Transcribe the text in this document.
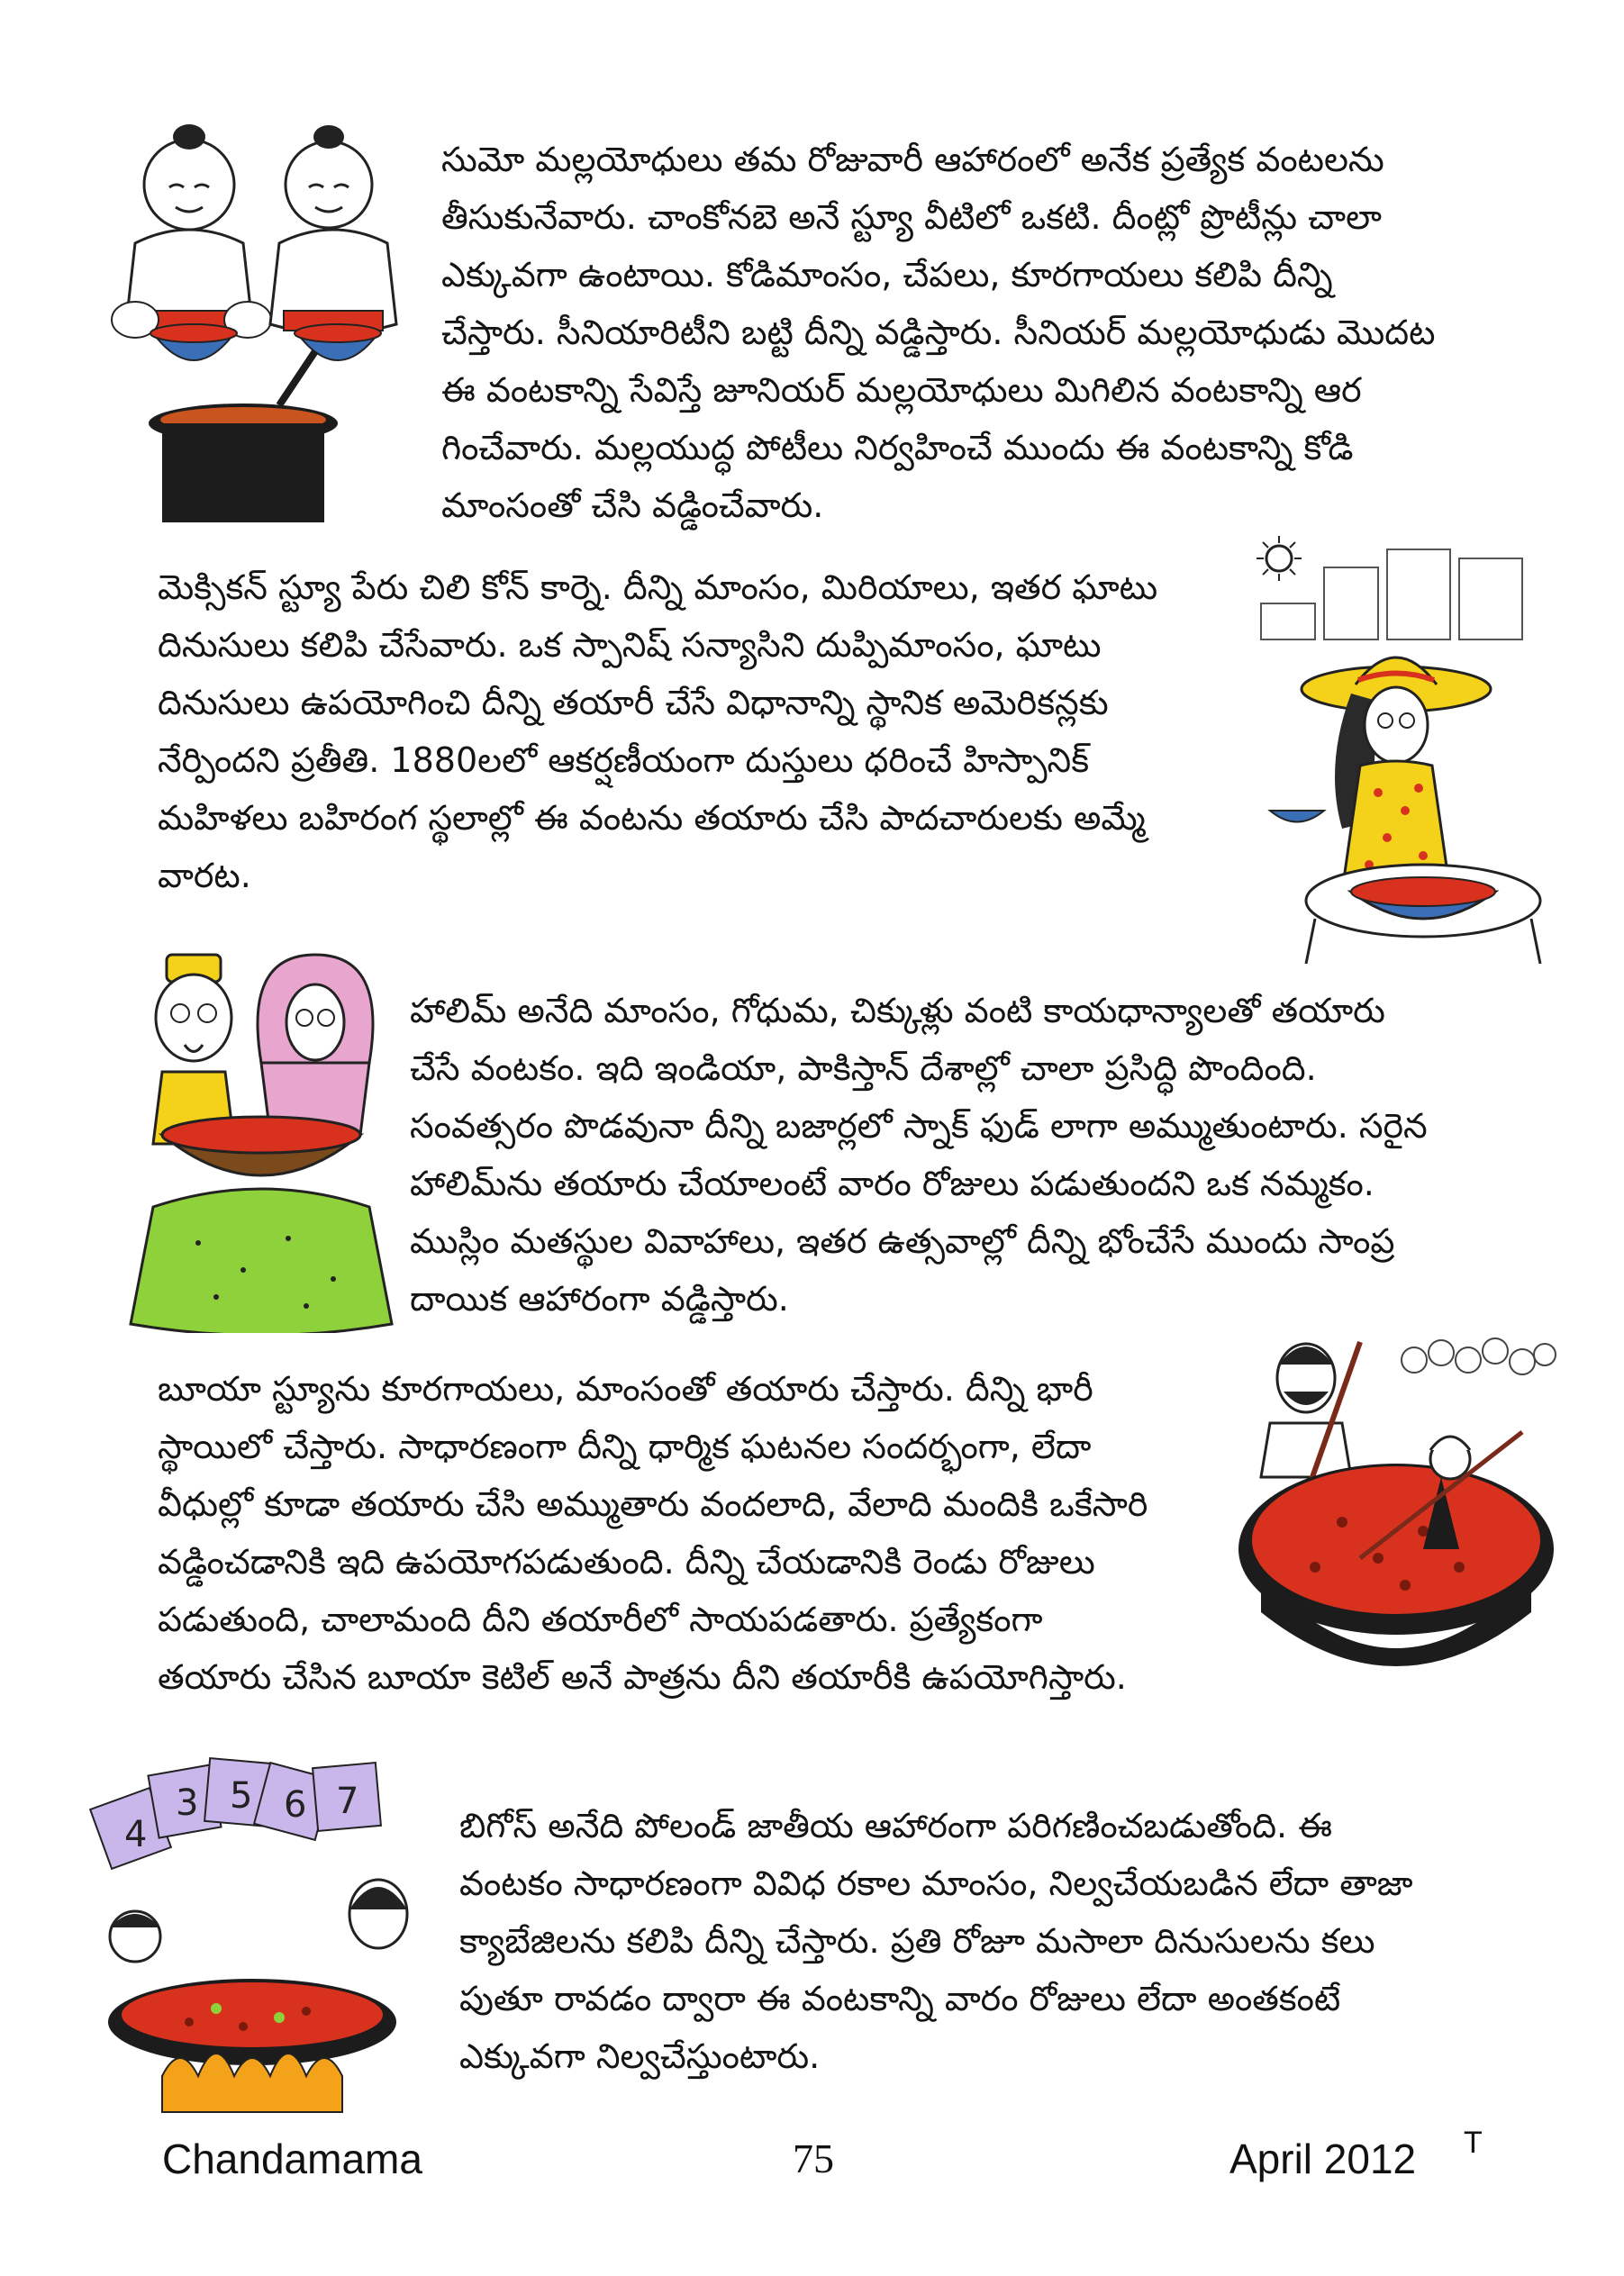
సుమో మల్లయోధులు తమ రోజువారీ ఆహారంలో అనేక ప్రత్యేక వంటలను
తీసుకునేవారు. చాంకోనబె అనే స్ట్యూ వీటిలో ఒకటి. దీంట్లో ప్రొటీన్లు చాలా
ఎక్కువగా ఉంటాయి. కోడిమాంసం, చేపలు, కూరగాయలు కలిపి దీన్ని
చేస్తారు. సీనియారిటీని బట్టి దీన్ని వడ్డిస్తారు. సీనియర్ మల్లయోధుడు మొదట
ఈ వంటకాన్ని సేవిస్తే జూనియర్ మల్లయోధులు మిగిలిన వంటకాన్ని ఆర
గించేవారు. మల్లయుద్ధ పోటీలు నిర్వహించే ముందు ఈ వంటకాన్ని కోడి
మాంసంతో చేసి వడ్డించేవారు.
మెక్సికన్ స్ట్యూ పేరు చిలి కోన్ కార్నె. దీన్ని మాంసం, మిరియాలు, ఇతర ఘాటు
దినుసులు కలిపి చేసేవారు. ఒక స్పానిష్ సన్యాసిని దుప్పిమాంసం, ఘాటు
దినుసులు ఉపయోగించి దీన్ని తయారీ చేసే విధానాన్ని స్థానిక అమెరికన్లకు
నేర్పిందని ప్రతీతి. 1880లలో ఆకర్షణీయంగా దుస్తులు ధరించే హిస్పానిక్
మహిళలు బహిరంగ స్థలాల్లో ఈ వంటను తయారు చేసి పాదచారులకు అమ్మే
వారట.
హాలిమ్ అనేది మాంసం, గోధుమ, చిక్కుళ్లు వంటి కాయధాన్యాలతో తయారు
చేసే వంటకం. ఇది ఇండియా, పాకిస్తాన్ దేశాల్లో చాలా ప్రసిద్ధి పొందింది.
సంవత్సరం పొడవునా దీన్ని బజార్లలో స్నాక్ ఫుడ్ లాగా అమ్ముతుంటారు. సరైన
హాలిమ్‌ను తయారు చేయాలంటే వారం రోజులు పడుతుందని ఒక నమ్మకం.
ముస్లిం మతస్థుల వివాహాలు, ఇతర ఉత్సవాల్లో దీన్ని భోంచేసే ముందు సాంప్ర
దాయిక ఆహారంగా వడ్డిస్తారు.
బూయా స్ట్యూను కూరగాయలు, మాంసంతో తయారు చేస్తారు. దీన్ని భారీ
స్థాయిలో చేస్తారు. సాధారణంగా దీన్ని ధార్మిక ఘటనల సందర్భంగా, లేదా
వీధుల్లో కూడా తయారు చేసి అమ్ముతారు వందలాది, వేలాది మందికి ఒకేసారి
వడ్డించడానికి ఇది ఉపయోగపడుతుంది. దీన్ని చేయడానికి రెండు రోజులు
పడుతుంది, చాలామంది దీని తయారీలో సాయపడతారు. ప్రత్యేకంగా
తయారు చేసిన బూయా కెటిల్ అనే పాత్రను దీని తయారీకి ఉపయోగిస్తారు.
4
3 5 6 7
బిగోస్ అనేది పోలండ్ జాతీయ ఆహారంగా పరిగణించబడుతోంది. ఈ
వంటకం సాధారణంగా వివిధ రకాల మాంసం, నిల్వచేయబడిన లేదా తాజా
క్యాబేజిలను కలిపి దీన్ని చేస్తారు. ప్రతి రోజూ మసాలా దినుసులను కలు
పుతూ రావడం ద్వారా ఈ వంటకాన్ని వారం రోజులు లేదా అంతకంటే
ఎక్కువగా నిల్వచేస్తుంటారు.
Chandamama	75	April 2012 T
